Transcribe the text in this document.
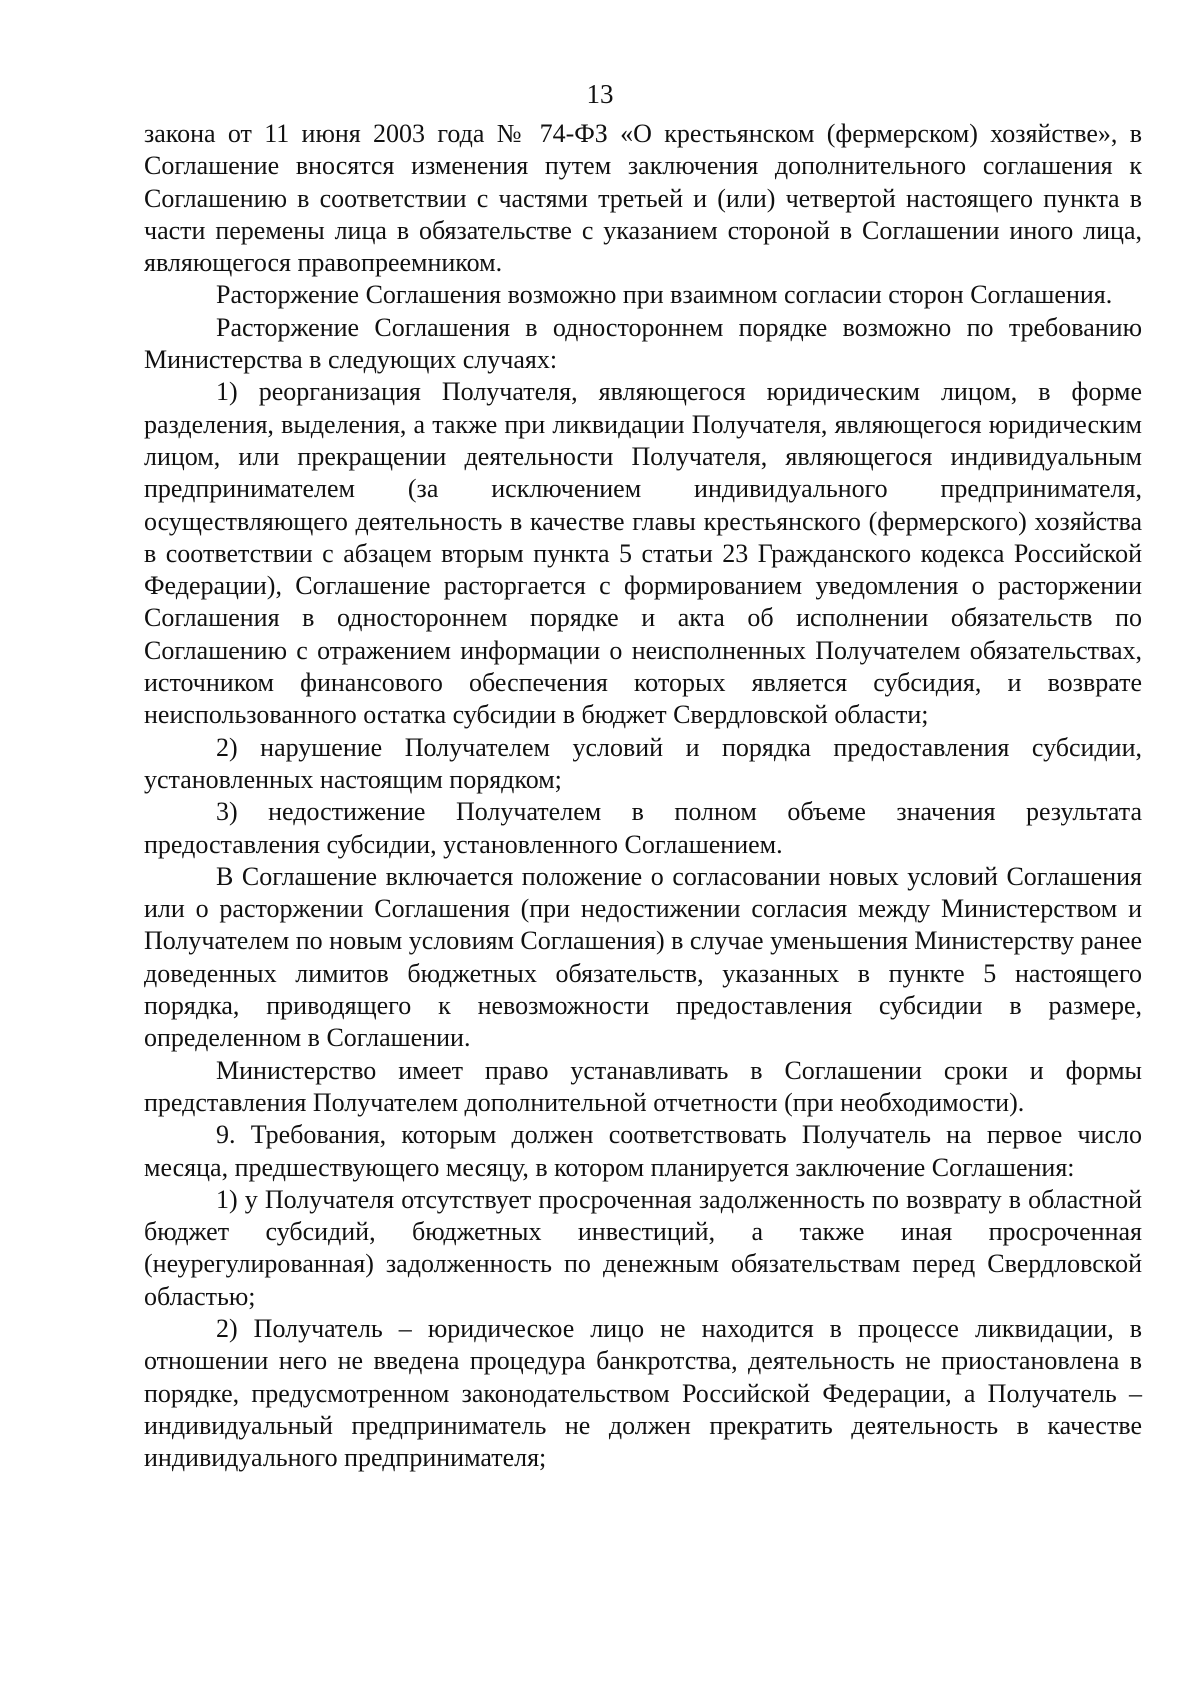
13

закона от 11 июня 2003 года № 74-ФЗ «О крестьянском (фермерском) хозяйстве», в Соглашение вносятся изменения путем заключения дополнительного соглашения к Соглашению в соответствии с частями третьей и (или) четвертой настоящего пункта в части перемены лица в обязательстве с указанием стороной в Соглашении иного лица, являющегося правопреемником.

Расторжение Соглашения возможно при взаимном согласии сторон Соглашения.

Расторжение Соглашения в одностороннем порядке возможно по требованию Министерства в следующих случаях:

1) реорганизация Получателя, являющегося юридическим лицом, в форме разделения, выделения, а также при ликвидации Получателя, являющегося юридическим лицом, или прекращении деятельности Получателя, являющегося индивидуальным предпринимателем (за исключением индивидуального предпринимателя, осуществляющего деятельность в качестве главы крестьянского (фермерского) хозяйства в соответствии с абзацем вторым пункта 5 статьи 23 Гражданского кодекса Российской Федерации), Соглашение расторгается с формированием уведомления о расторжении Соглашения в одностороннем порядке и акта об исполнении обязательств по Соглашению с отражением информации о неисполненных Получателем обязательствах, источником финансового обеспечения которых является субсидия, и возврате неиспользованного остатка субсидии в бюджет Свердловской области;

2) нарушение Получателем условий и порядка предоставления субсидии, установленных настоящим порядком;

3) недостижение Получателем в полном объеме значения результата предоставления субсидии, установленного Соглашением.

В Соглашение включается положение о согласовании новых условий Соглашения или о расторжении Соглашения (при недостижении согласия между Министерством и Получателем по новым условиям Соглашения) в случае уменьшения Министерству ранее доведенных лимитов бюджетных обязательств, указанных в пункте 5 настоящего порядка, приводящего к невозможности предоставления субсидии в размере, определенном в Соглашении.

Министерство имеет право устанавливать в Соглашении сроки и формы представления Получателем дополнительной отчетности (при необходимости).

9. Требования, которым должен соответствовать Получатель на первое число месяца, предшествующего месяцу, в котором планируется заключение Соглашения:

1) у Получателя отсутствует просроченная задолженность по возврату в областной бюджет субсидий, бюджетных инвестиций, а также иная просроченная (неурегулированная) задолженность по денежным обязательствам перед Свердловской областью;

2) Получатель – юридическое лицо не находится в процессе ликвидации, в отношении него не введена процедура банкротства, деятельность не приостановлена в порядке, предусмотренном законодательством Российской Федерации, а Получатель – индивидуальный предприниматель не должен прекратить деятельность в качестве индивидуального предпринимателя;
